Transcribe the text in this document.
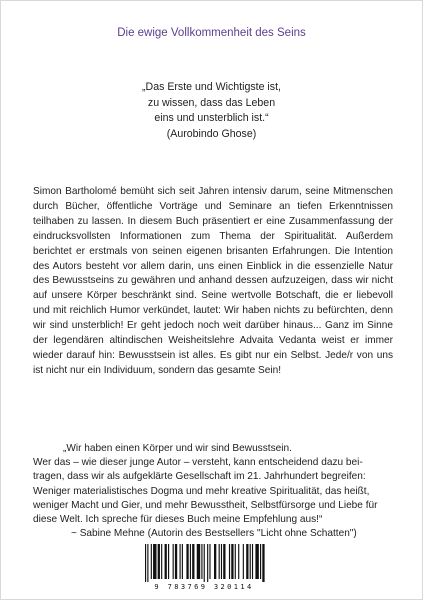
Die ewige Vollkommenheit des Seins
„Das Erste und Wichtigste ist,
zu wissen, dass das Leben
eins und unsterblich ist.“
(Aurobindo Ghose)
Simon Bartholomé bemüht sich seit Jahren intensiv darum, seine Mitmenschen durch Bücher, öffentliche Vorträge und Seminare an tiefen Erkenntnissen teilhaben zu lassen. In diesem Buch präsentiert er eine Zusammenfassung der eindrucksvollsten Informationen zum Thema der Spiritualität. Außerdem berichtet er erstmals von seinen eigenen brisanten Erfahrungen. Die Intention des Autors besteht vor allem darin, uns einen Einblick in die essenzielle Natur des Bewusstseins zu gewähren und anhand dessen aufzuzeigen, dass wir nicht auf unsere Körper beschränkt sind. Seine wertvolle Botschaft, die er liebevoll und mit reichlich Humor verkündet, lautet: Wir haben nichts zu befürchten, denn wir sind unsterblich! Er geht jedoch noch weit darüber hinaus... Ganz im Sinne der legendären altindischen Weisheitslehre Advaita Vedanta weist er immer wieder darauf hin: Bewusstsein ist alles. Es gibt nur ein Selbst. Jede/r von uns ist nicht nur ein Individuum, sondern das gesamte Sein!
„Wir haben einen Körper und wir sind Bewusstsein.
Wer das – wie dieser junge Autor – versteht, kann entscheidend dazu bei-
tragen, dass wir als aufgeklärte Gesellschaft im 21. Jahrhundert begreifen:
Weniger materialistisches Dogma und mehr kreative Spiritualität, das heißt,
weniger Macht und Gier, und mehr Bewusstheit, Selbstfürsorge und Liebe für
diese Welt. Ich spreche für dieses Buch meine Empfehlung aus!“
~ Sabine Mehne (Autorin des Bestsellers "Licht ohne Schatten")
9 783769 320114
